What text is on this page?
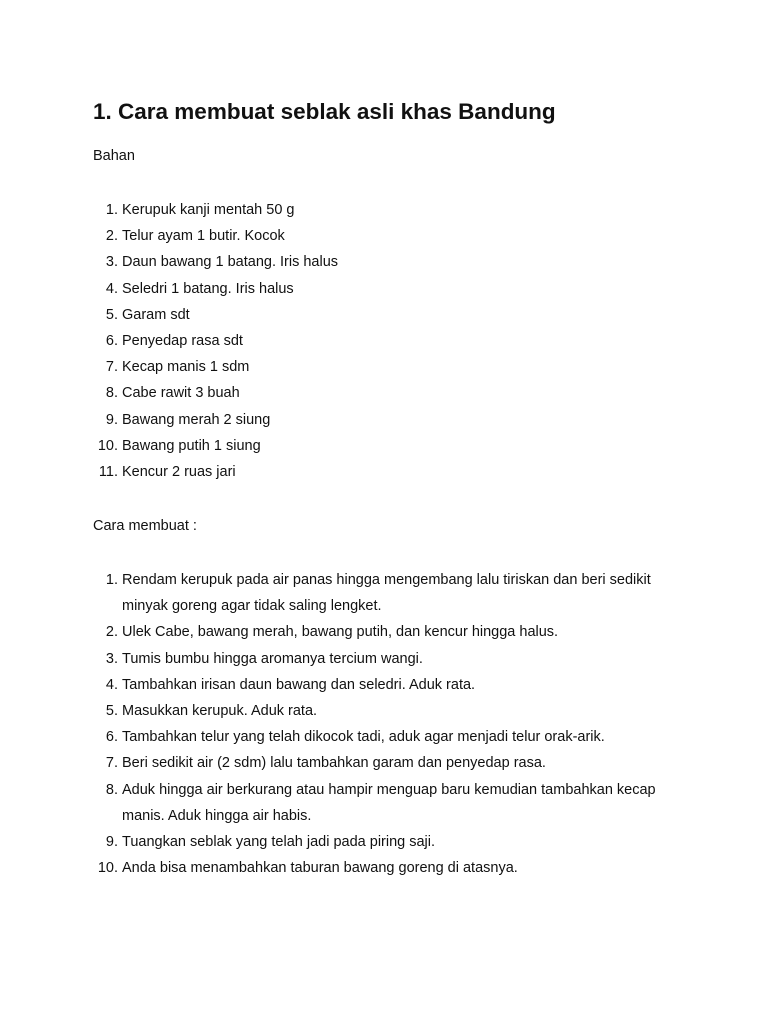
1. Cara membuat seblak asli khas Bandung

Bahan

1. Kerupuk kanji mentah 50 g
2. Telur ayam 1 butir. Kocok
3. Daun bawang 1 batang. Iris halus
4. Seledri 1 batang. Iris halus
5. Garam sdt
6. Penyedap rasa sdt
7. Kecap manis 1 sdm
8. Cabe rawit 3 buah
9. Bawang merah 2 siung
10. Bawang putih 1 siung
11. Kencur 2 ruas jari

Cara membuat :

1. Rendam kerupuk pada air panas hingga mengembang lalu tiriskan dan beri sedikit minyak goreng agar tidak saling lengket.
2. Ulek Cabe, bawang merah, bawang putih, dan kencur hingga halus.
3. Tumis bumbu hingga aromanya tercium wangi.
4. Tambahkan irisan daun bawang dan seledri. Aduk rata.
5. Masukkan kerupuk. Aduk rata.
6. Tambahkan telur yang telah dikocok tadi, aduk agar menjadi telur orak-arik.
7. Beri sedikit air (2 sdm) lalu tambahkan garam dan penyedap rasa.
8. Aduk hingga air berkurang atau hampir menguap baru kemudian tambahkan kecap manis. Aduk hingga air habis.
9. Tuangkan seblak yang telah jadi pada piring saji.
10. Anda bisa menambahkan taburan bawang goreng di atasnya.
